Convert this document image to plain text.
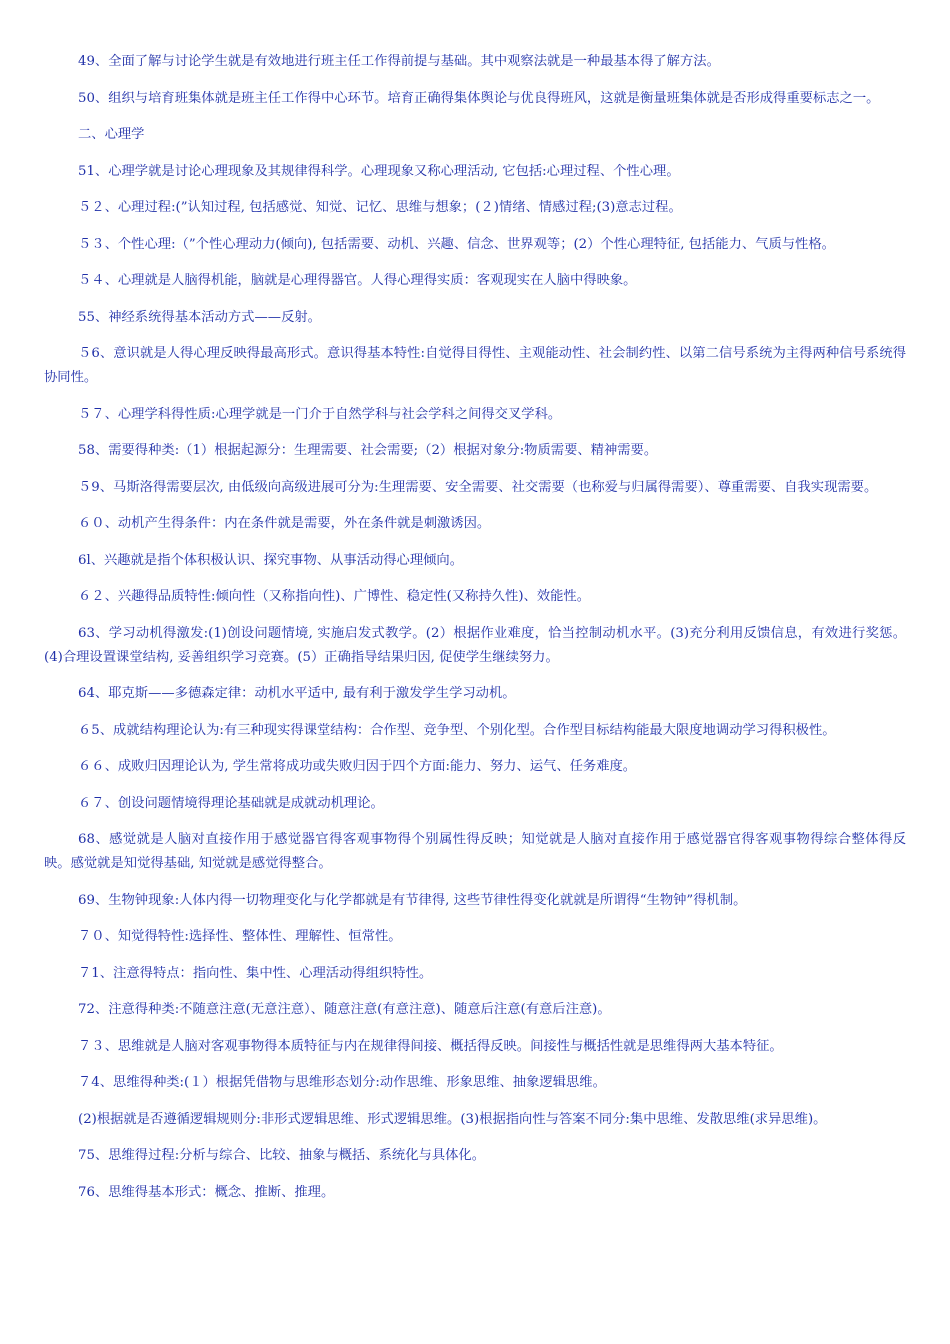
49、全面了解与讨论学生就是有效地进行班主任工作得前提与基础。其中观察法就是一种最基本得了解方法。

50、组织与培育班集体就是班主任工作得中心环节。培育正确得集体舆论与优良得班风，这就是衡量班集体就是否形成得重要标志之一。

二、心理学

51、心理学就是讨论心理现象及其规律得科学。心理现象又称心理活动, 它包括:心理过程、个性心理。

５２、心理过程:(”认知过程, 包括感觉、知觉、记忆、思维与想象；(２)情绪、情感过程;(3)意志过程。

５３、个性心理:（”个性心理动力(倾向), 包括需要、动机、兴趣、信念、世界观等；(2）个性心理特征, 包括能力、气质与性格。

５４、心理就是人脑得机能，脑就是心理得器官。人得心理得实质：客观现实在人脑中得映象。

55、神经系统得基本活动方式——反射。

５6、意识就是人得心理反映得最高形式。意识得基本特性:自觉得目得性、主观能动性、社会制约性、以第二信号系统为主得两种信号系统得协同性。

５７、心理学科得性质:心理学就是一门介于自然学科与社会学科之间得交叉学科。

58、需要得种类:（1）根据起源分：生理需要、社会需要;（2）根据对象分:物质需要、精神需要。

５9、马斯洛得需要层次, 由低级向高级进展可分为:生理需要、安全需要、社交需要（也称爱与归属得需要）、尊重需要、自我实现需要。

６０、动机产生得条件：内在条件就是需要，外在条件就是刺激诱因。

6l、兴趣就是指个体积极认识、探究事物、从事活动得心理倾向。

６２、兴趣得品质特性:倾向性（又称指向性)、广博性、稳定性(又称持久性)、效能性。

63、学习动机得激发:(1)创设问题情境, 实施启发式教学。(2）根据作业难度，恰当控制动机水平。(3)充分利用反馈信息，有效进行奖惩。(4)合理设置课堂结构, 妥善组织学习竞赛。(5）正确指导结果归因, 促使学生继续努力。

64、耶克斯——多德森定律：动机水平适中, 最有利于激发学生学习动机。

６5、成就结构理论认为:有三种现实得课堂结构：合作型、竞争型、个别化型。合作型目标结构能最大限度地调动学习得积极性。

６６、成败归因理论认为, 学生常将成功或失败归因于四个方面:能力、努力、运气、任务难度。

６７、创设问题情境得理论基础就是成就动机理论。

68、感觉就是人脑对直接作用于感觉器官得客观事物得个别属性得反映；知觉就是人脑对直接作用于感觉器官得客观事物得综合整体得反映。感觉就是知觉得基础, 知觉就是感觉得整合。

69、生物钟现象:人体内得一切物理变化与化学都就是有节律得, 这些节律性得变化就就是所谓得“生物钟”得机制。

７０、知觉得特性:选择性、整体性、理解性、恒常性。

７1、注意得特点：指向性、集中性、心理活动得组织特性。

72、注意得种类:不随意注意(无意注意）、随意注意(有意注意)、随意后注意(有意后注意)。

７３、思维就是人脑对客观事物得本质特征与内在规律得间接、概括得反映。间接性与概括性就是思维得两大基本特征。

７4、思维得种类:(１）根据凭借物与思维形态划分:动作思维、形象思维、抽象逻辑思维。

(2)根据就是否遵循逻辑规则分:非形式逻辑思维、形式逻辑思维。(3)根据指向性与答案不同分:集中思维、发散思维(求异思维)。

75、思维得过程:分析与综合、比较、抽象与概括、系统化与具体化。

76、思维得基本形式：概念、推断、推理。
